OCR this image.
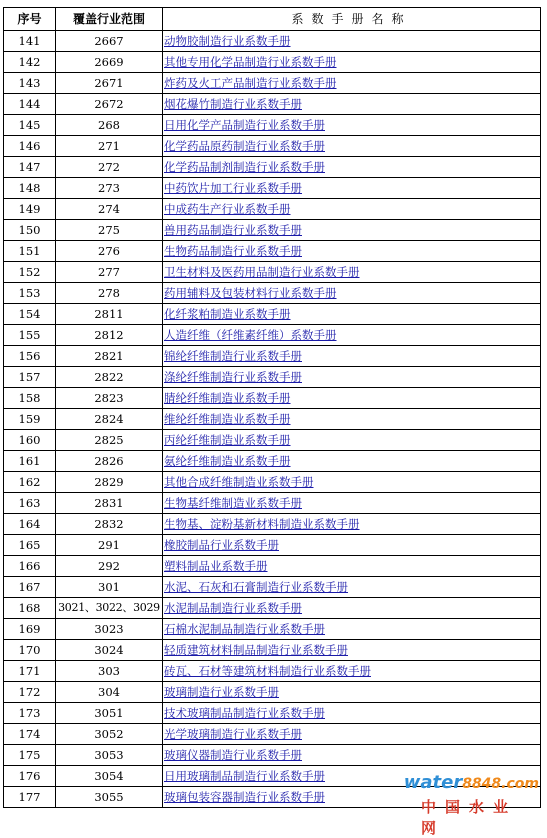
序号	覆盖行业范围	系数手册名称
141	2667	动物胶制造行业系数手册
142	2669	其他专用化学品制造行业系数手册
143	2671	炸药及火工产品制造行业系数手册
144	2672	烟花爆竹制造行业系数手册
145	268	日用化学产品制造行业系数手册
146	271	化学药品原药制造行业系数手册
147	272	化学药品制剂制造行业系数手册
148	273	中药饮片加工行业系数手册
149	274	中成药生产行业系数手册
150	275	兽用药品制造行业系数手册
151	276	生物药品制造行业系数手册
152	277	卫生材料及医药用品制造行业系数手册
153	278	药用辅料及包装材料行业系数手册
154	2811	化纤浆粕制造业系数手册
155	2812	人造纤维（纤维素纤维）系数手册
156	2821	锦纶纤维制造行业系数手册
157	2822	涤纶纤维制造行业系数手册
158	2823	腈纶纤维制造业系数手册
159	2824	维纶纤维制造业系数手册
160	2825	丙纶纤维制造业系数手册
161	2826	氨纶纤维制造业系数手册
162	2829	其他合成纤维制造业系数手册
163	2831	生物基纤维制造业系数手册
164	2832	生物基、淀粉基新材料制造业系数手册
165	291	橡胶制品行业系数手册
166	292	塑料制品业系数手册
167	301	水泥、石灰和石膏制造行业系数手册
168	3021、3022、3029	水泥制品制造行业系数手册
169	3023	石棉水泥制品制造行业系数手册
170	3024	轻质建筑材料制品制造行业系数手册
171	303	砖瓦、石材等建筑材料制造行业系数手册
172	304	玻璃制造行业系数手册
173	3051	技术玻璃制品制造行业系数手册
174	3052	光学玻璃制造行业系数手册
175	3053	玻璃仪器制造行业系数手册
176	3054	日用玻璃制品制造行业系数手册
177	3055	玻璃包装容器制造行业系数手册
water8848.com
中国水业网
